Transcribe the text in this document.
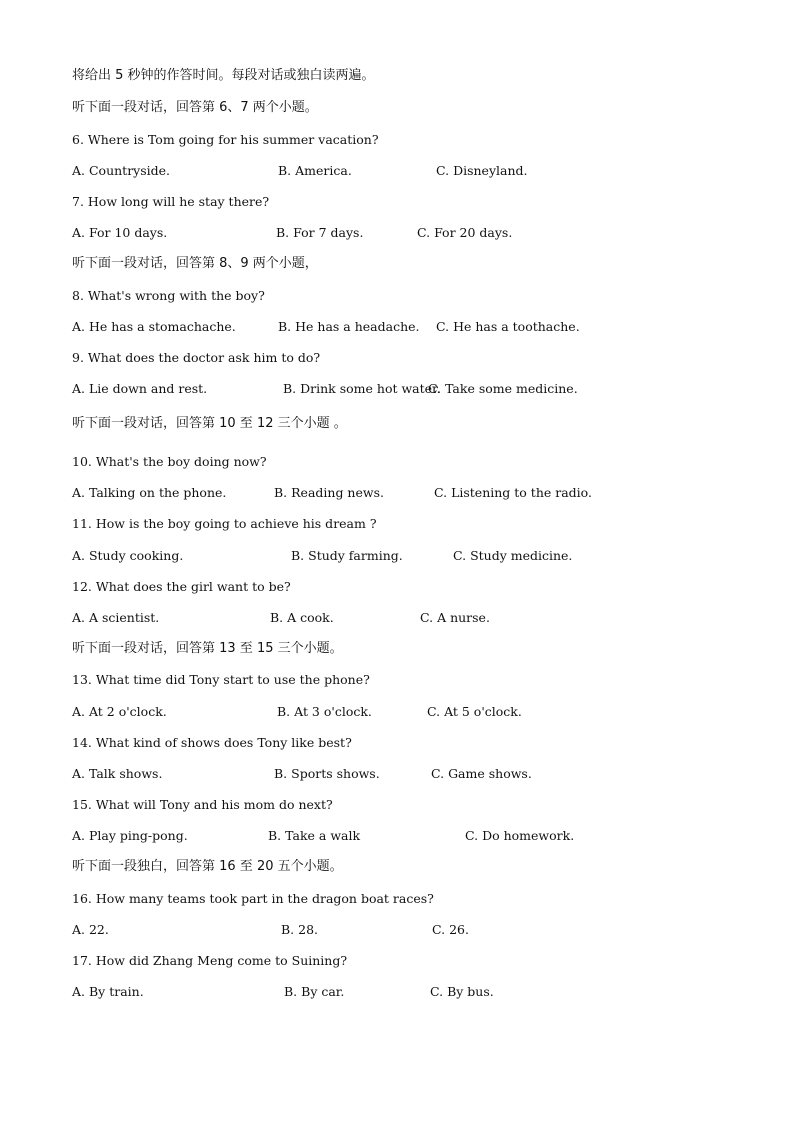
将给出 5 秒钟的作答时间。每段对话或独白读两遍。
听下面一段对话，回答第 6、7 两个小题。
6. Where is Tom going for his summer vacation?
A. Countryside.	B. America.	C. Disneyland.
7. How long will he stay there?
A. For 10 days.	B. For 7 days.	C. For 20 days.
听下面一段对话，回答第 8、9 两个小题，
8. What's wrong with the boy?
A. He has a stomachache.	B. He has a headache. C. He has a toothache.
9. What does the doctor ask him to do?
A. Lie down and rest.	B. Drink some hot water.
C. Take some medicine.
听下面一段对话，回答第 10 至 12 三个小题 。
10. What's the boy doing now?
A. Talking on the phone.	B. Reading news.	C. Listening to the radio.
11. How is the boy going to achieve his dream ?
A. Study cooking.	B. Study farming.	C. Study medicine.
12. What does the girl want to be?
A. A scientist.	B. A cook.	C. A nurse.
听下面一段对话，回答第 13 至 15 三个小题。
13. What time did Tony start to use the phone?
A. At 2 o'clock.	B. At 3 o'clock.	C. At 5 o'clock.
14. What kind of shows does Tony like best?
A. Talk shows.	B. Sports shows.	C. Game shows.
15. What will Tony and his mom do next?
A. Play ping-pong.	B. Take a walk	C. Do homework.
听下面一段独白，回答第 16 至 20 五个小题。
16. How many teams took part in the dragon boat races?
A. 22.	B. 28.	C. 26.
17. How did Zhang Meng come to Suining?
A. By train.	B. By car.	C. By bus.
